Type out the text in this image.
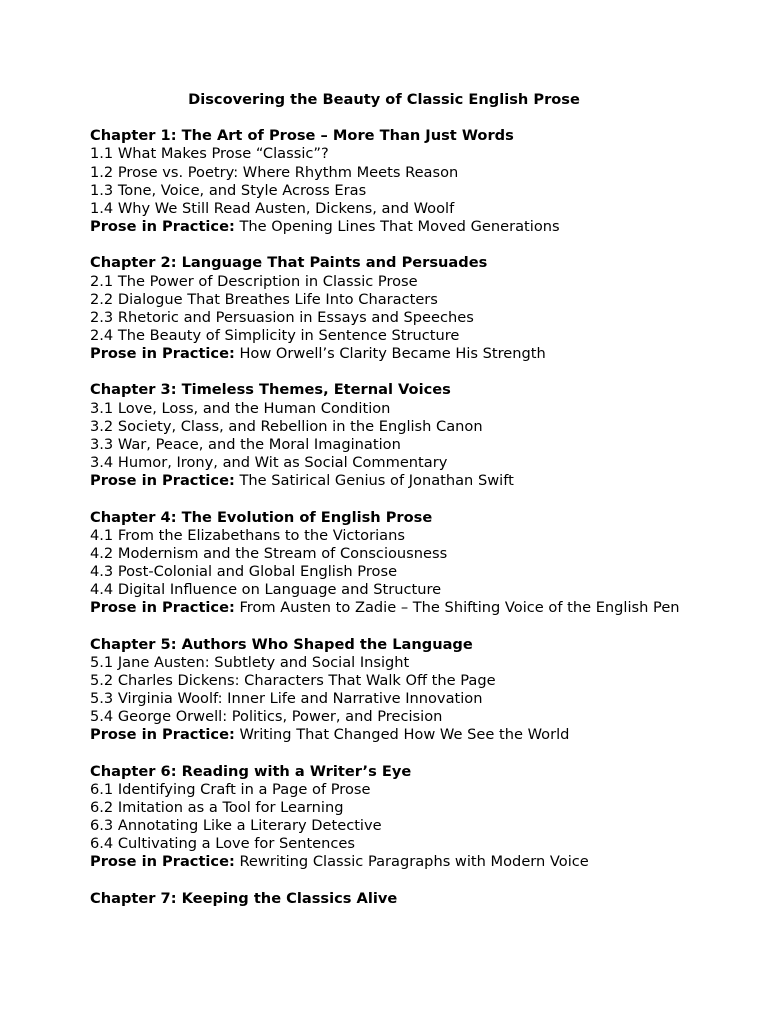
Discovering the Beauty of Classic English Prose
Chapter 1: The Art of Prose – More Than Just Words
1.1 What Makes Prose “Classic”?
1.2 Prose vs. Poetry: Where Rhythm Meets Reason
1.3 Tone, Voice, and Style Across Eras
1.4 Why We Still Read Austen, Dickens, and Woolf
Prose in Practice: The Opening Lines That Moved Generations
Chapter 2: Language That Paints and Persuades
2.1 The Power of Description in Classic Prose
2.2 Dialogue That Breathes Life Into Characters
2.3 Rhetoric and Persuasion in Essays and Speeches
2.4 The Beauty of Simplicity in Sentence Structure
Prose in Practice: How Orwell’s Clarity Became His Strength
Chapter 3: Timeless Themes, Eternal Voices
3.1 Love, Loss, and the Human Condition
3.2 Society, Class, and Rebellion in the English Canon
3.3 War, Peace, and the Moral Imagination
3.4 Humor, Irony, and Wit as Social Commentary
Prose in Practice: The Satirical Genius of Jonathan Swift
Chapter 4: The Evolution of English Prose
4.1 From the Elizabethans to the Victorians
4.2 Modernism and the Stream of Consciousness
4.3 Post-Colonial and Global English Prose
4.4 Digital Influence on Language and Structure
Prose in Practice: From Austen to Zadie – The Shifting Voice of the English Pen
Chapter 5: Authors Who Shaped the Language
5.1 Jane Austen: Subtlety and Social Insight
5.2 Charles Dickens: Characters That Walk Off the Page
5.3 Virginia Woolf: Inner Life and Narrative Innovation
5.4 George Orwell: Politics, Power, and Precision
Prose in Practice: Writing That Changed How We See the World
Chapter 6: Reading with a Writer’s Eye
6.1 Identifying Craft in a Page of Prose
6.2 Imitation as a Tool for Learning
6.3 Annotating Like a Literary Detective
6.4 Cultivating a Love for Sentences
Prose in Practice: Rewriting Classic Paragraphs with Modern Voice
Chapter 7: Keeping the Classics Alive
